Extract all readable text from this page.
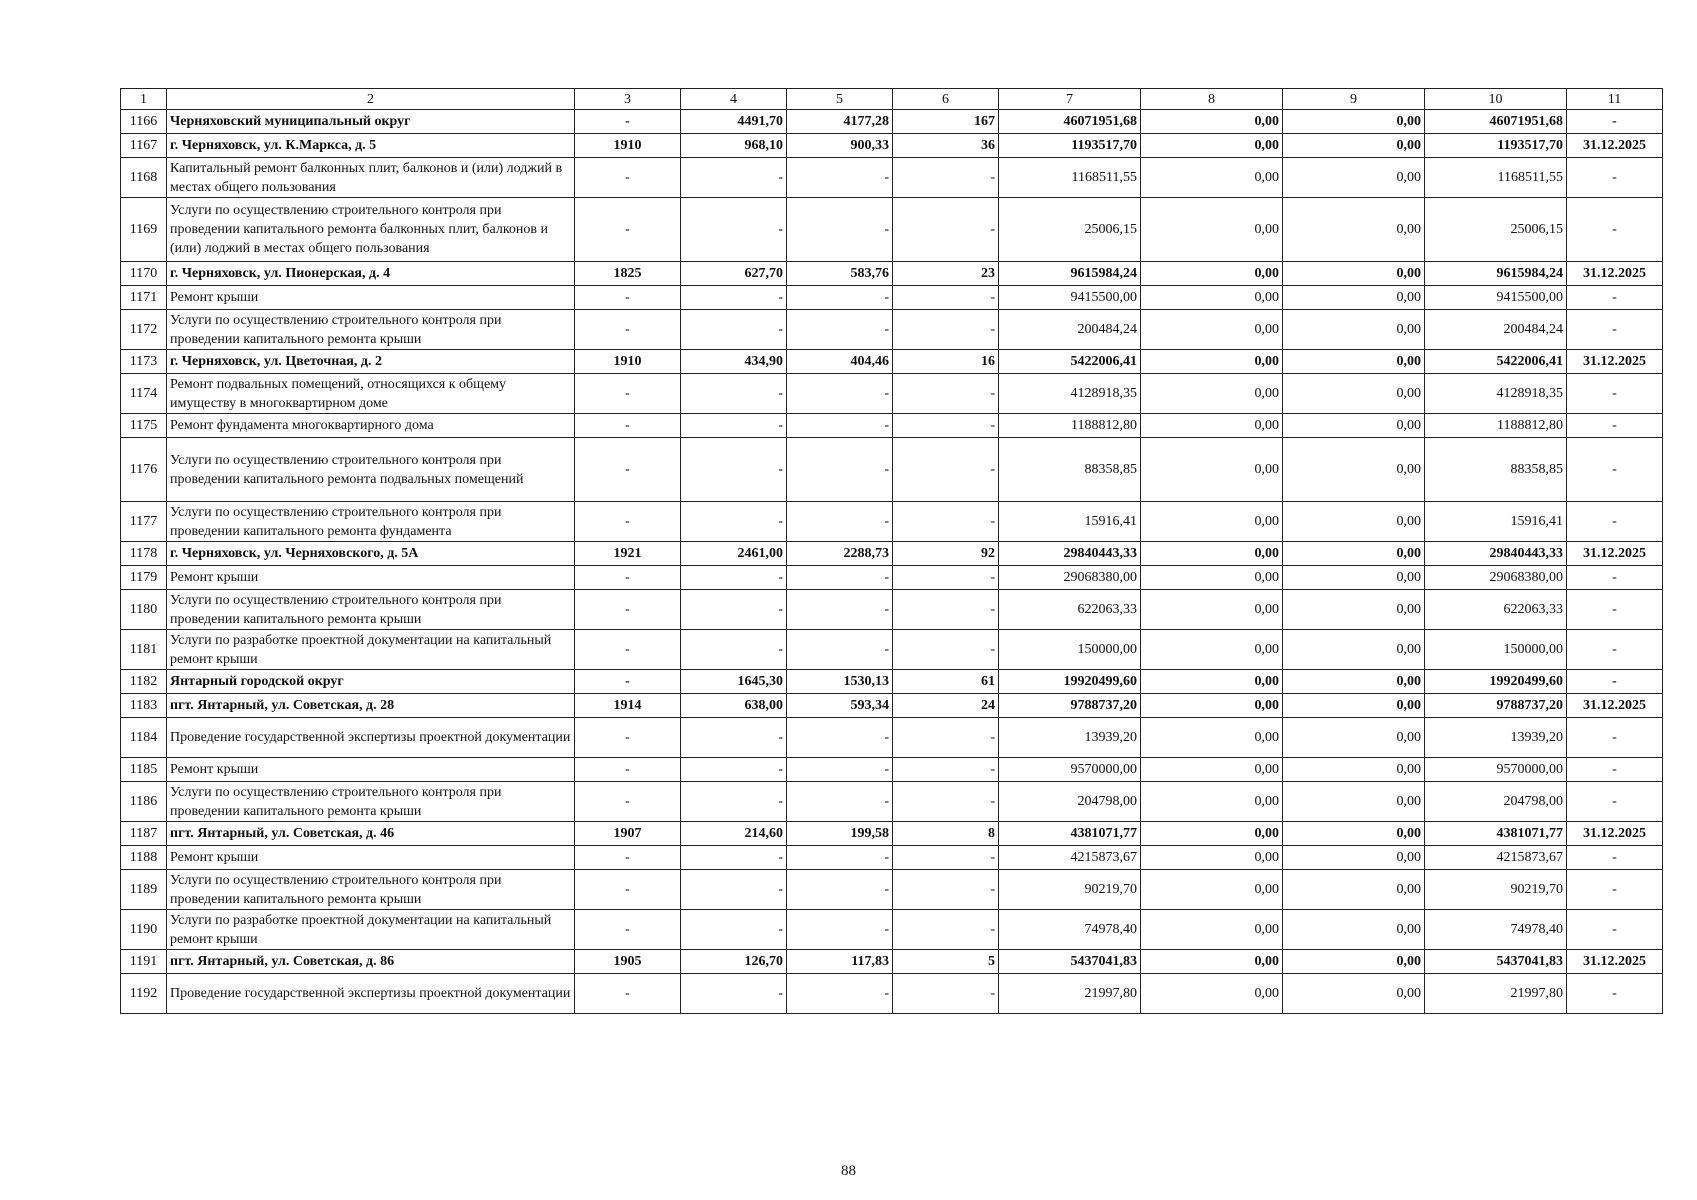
1	2	3	4	5	6	7	8	9	10	11
1166	Черняховский муниципальный округ	-	4491,70	4177,28	167	46071951,68	0,00	0,00	46071951,68	-
1167	г. Черняховск, ул. К.Маркса, д. 5	1910	968,10	900,33	36	1193517,70	0,00	0,00	1193517,70	31.12.2025
1168	Капитальный ремонт балконных плит, балконов и (или) лоджий в местах общего пользования	-	-	-	-	1168511,55	0,00	0,00	1168511,55	-
1169	Услуги по осуществлению строительного контроля при проведении капитального ремонта балконных плит, балконов и (или) лоджий в местах общего пользования	-	-	-	-	25006,15	0,00	0,00	25006,15	-
1170	г. Черняховск, ул. Пионерская, д. 4	1825	627,70	583,76	23	9615984,24	0,00	0,00	9615984,24	31.12.2025
1171	Ремонт крыши	-	-	-	-	9415500,00	0,00	0,00	9415500,00	-
1172	Услуги по осуществлению строительного контроля при проведении капитального ремонта крыши	-	-	-	-	200484,24	0,00	0,00	200484,24	-
1173	г. Черняховск, ул. Цветочная, д. 2	1910	434,90	404,46	16	5422006,41	0,00	0,00	5422006,41	31.12.2025
1174	Ремонт подвальных помещений, относящихся к общему имуществу в многоквартирном доме	-	-	-	-	4128918,35	0,00	0,00	4128918,35	-
1175	Ремонт фундамента многоквартирного дома	-	-	-	-	1188812,80	0,00	0,00	1188812,80	-
1176	Услуги по осуществлению строительного контроля при проведении капитального ремонта подвальных помещений	-	-	-	-	88358,85	0,00	0,00	88358,85	-
1177	Услуги по осуществлению строительного контроля при проведении капитального ремонта фундамента	-	-	-	-	15916,41	0,00	0,00	15916,41	-
1178	г. Черняховск, ул. Черняховского, д. 5А	1921	2461,00	2288,73	92	29840443,33	0,00	0,00	29840443,33	31.12.2025
1179	Ремонт крыши	-	-	-	-	29068380,00	0,00	0,00	29068380,00	-
1180	Услуги по осуществлению строительного контроля при проведении капитального ремонта крыши	-	-	-	-	622063,33	0,00	0,00	622063,33	-
1181	Услуги по разработке проектной документации на капитальный ремонт крыши	-	-	-	-	150000,00	0,00	0,00	150000,00	-
1182	Янтарный городской округ	-	1645,30	1530,13	61	19920499,60	0,00	0,00	19920499,60	-
1183	пгт. Янтарный, ул. Советская, д. 28	1914	638,00	593,34	24	9788737,20	0,00	0,00	9788737,20	31.12.2025
1184	Проведение государственной экспертизы проектной документации	-	-	-	-	13939,20	0,00	0,00	13939,20	-
1185	Ремонт крыши	-	-	-	-	9570000,00	0,00	0,00	9570000,00	-
1186	Услуги по осуществлению строительного контроля при проведении капитального ремонта крыши	-	-	-	-	204798,00	0,00	0,00	204798,00	-
1187	пгт. Янтарный, ул. Советская, д. 46	1907	214,60	199,58	8	4381071,77	0,00	0,00	4381071,77	31.12.2025
1188	Ремонт крыши	-	-	-	-	4215873,67	0,00	0,00	4215873,67	-
1189	Услуги по осуществлению строительного контроля при проведении капитального ремонта крыши	-	-	-	-	90219,70	0,00	0,00	90219,70	-
1190	Услуги по разработке проектной документации на капитальный ремонт крыши	-	-	-	-	74978,40	0,00	0,00	74978,40	-
1191	пгт. Янтарный, ул. Советская, д. 86	1905	126,70	117,83	5	5437041,83	0,00	0,00	5437041,83	31.12.2025
1192	Проведение государственной экспертизы проектной документации	-	-	-	-	21997,80	0,00	0,00	21997,80	-
88
